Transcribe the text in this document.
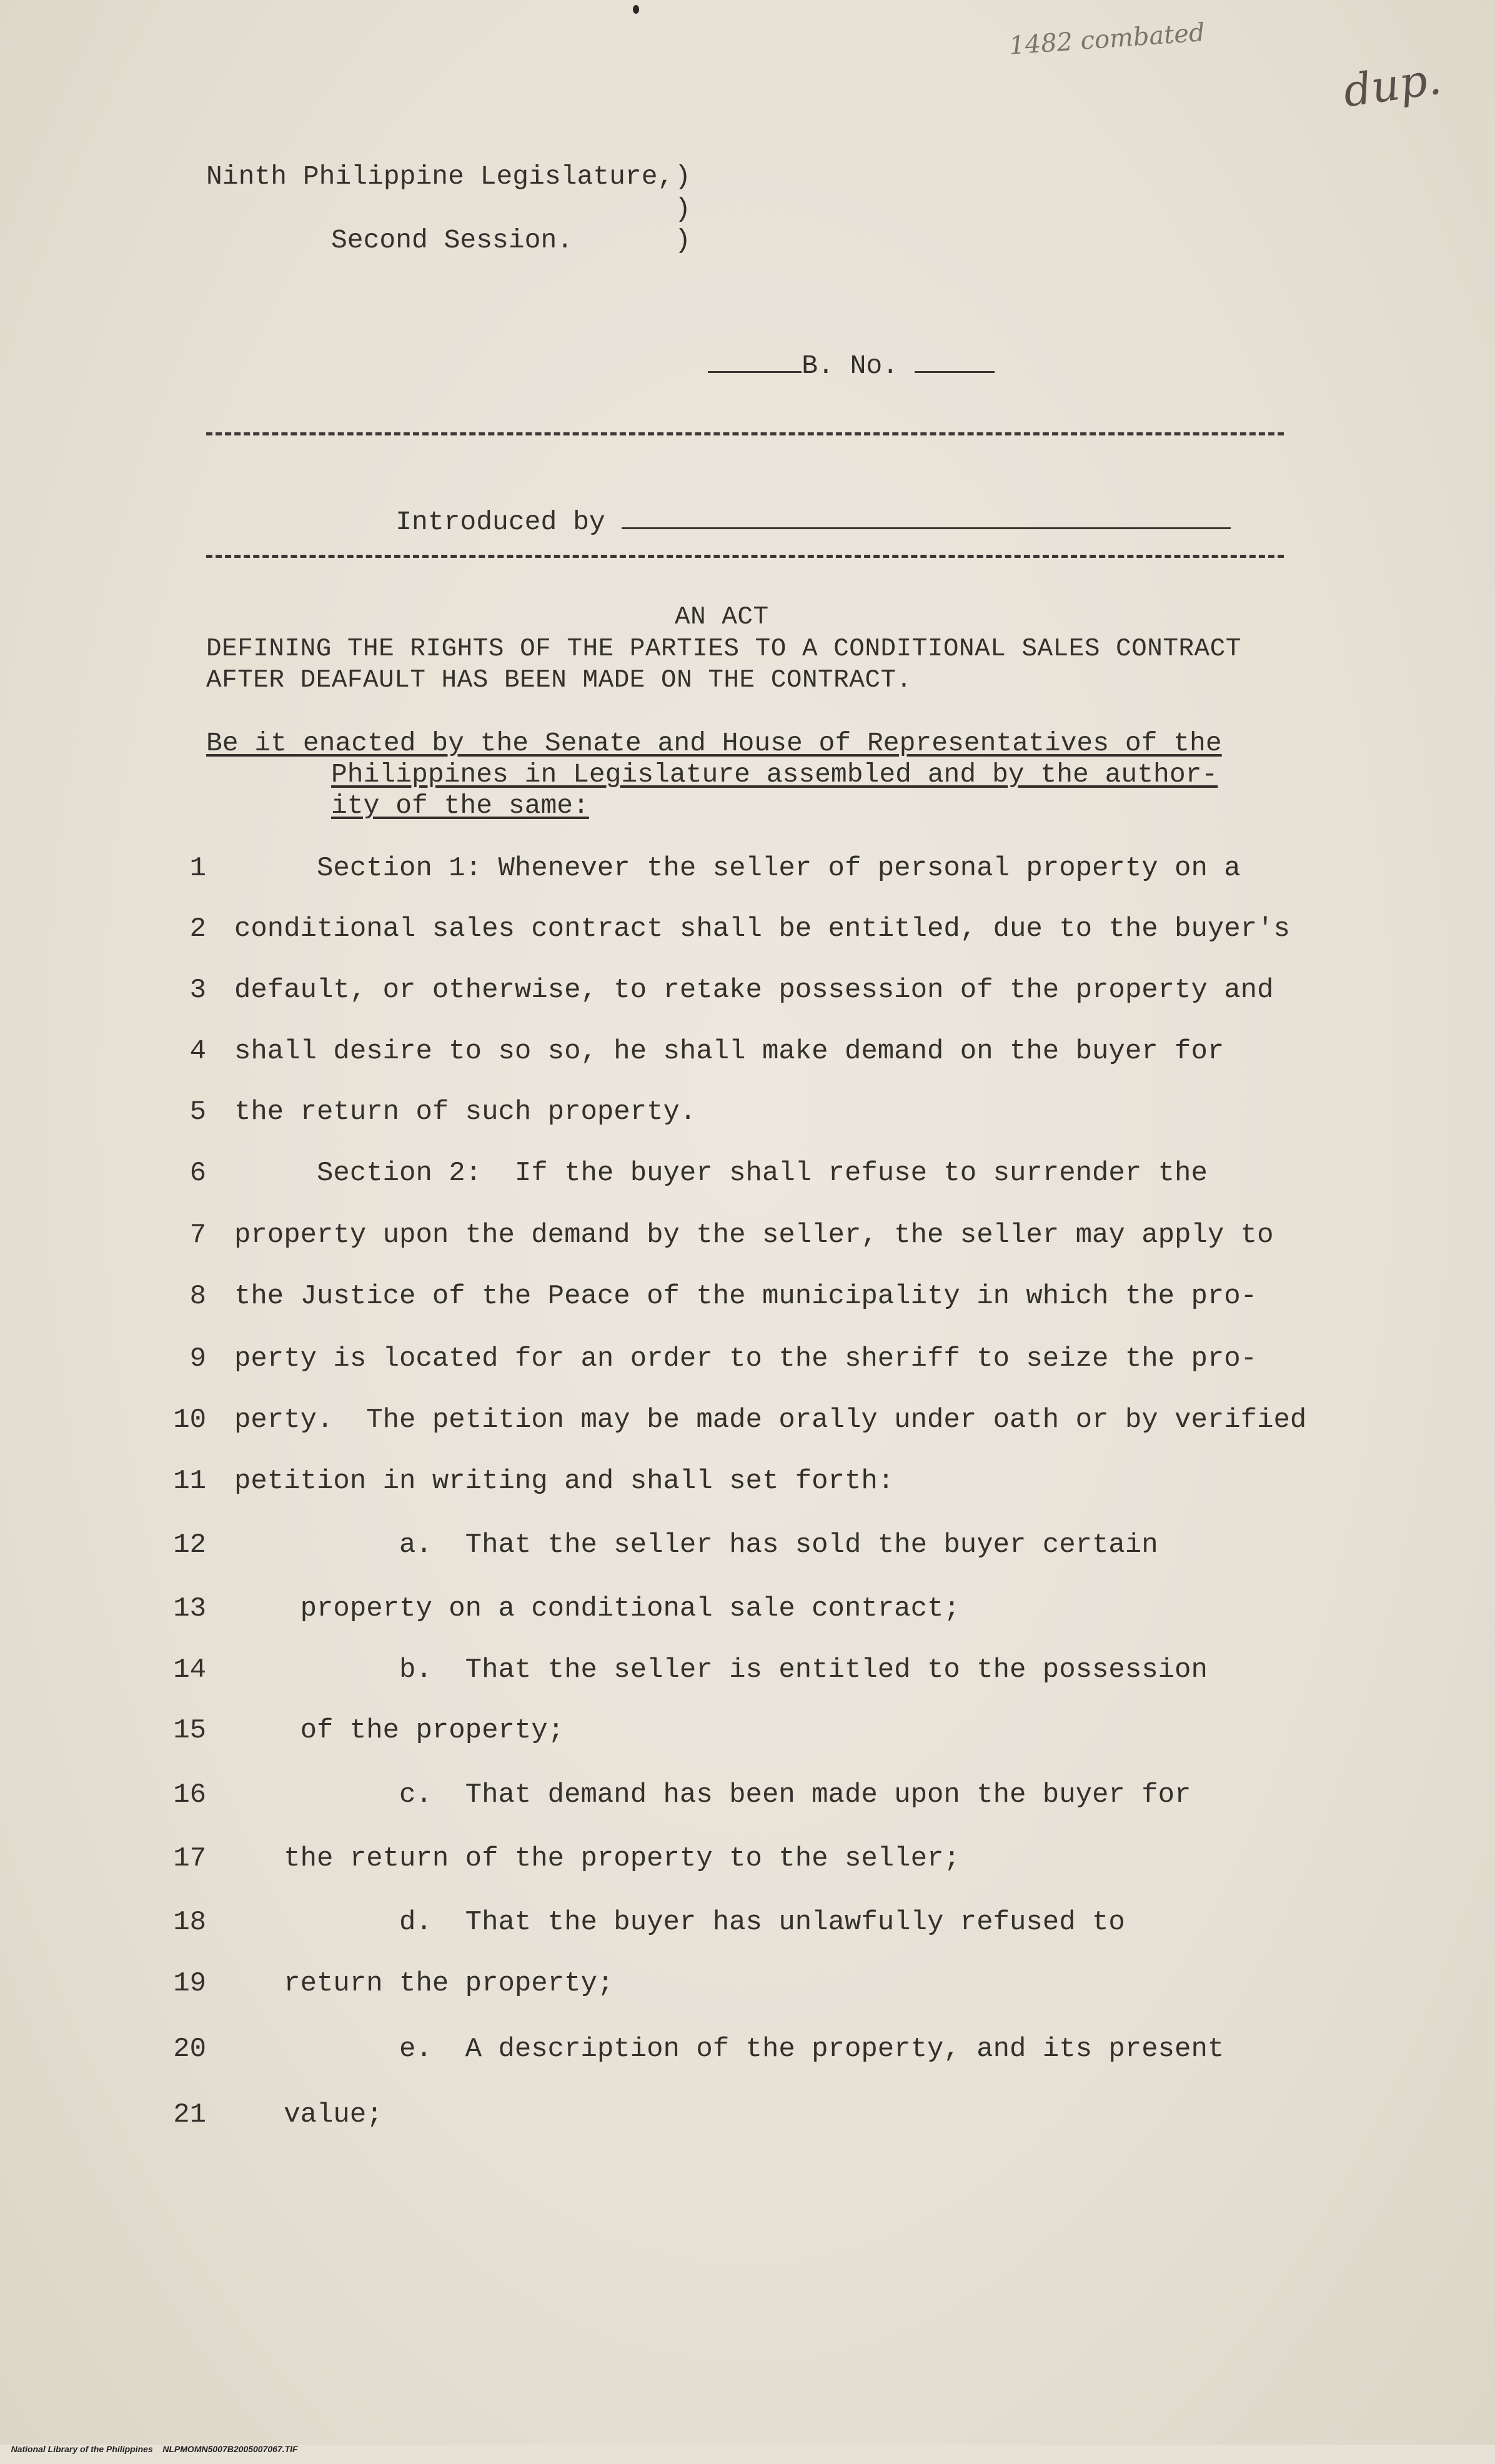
1482 combated
dup.
Ninth Philippine Legislature, )
)
Second Session.	)

B. No.

Introduced by

AN ACT
DEFINING THE RIGHTS OF THE PARTIES TO A CONDITIONAL SALES CONTRACT
AFTER DEAFAULT HAS BEEN MADE ON THE CONTRACT.
Be it enacted by the Senate and House of Representatives of the
Philippines in Legislature assembled and by the author-
ity of the same:
1 Section 1: Whenever the seller of personal property on a
2 conditional sales contract shall be entitled, due to the buyer's
3 default, or otherwise, to retake possession of the property and
4 shall desire to so so, he shall make demand on the buyer for
5 the return of such property.
6 Section 2:  If the buyer shall refuse to surrender the
7 property upon the demand by the seller, the seller may apply to
8 the Justice of the Peace of the municipality in which the pro-
9 perty is located for an order to the sheriff to seize the pro-
10 perty.  The petition may be made orally under oath or by verified
11 petition in writing and shall set forth:
12 a.  That the seller has sold the buyer certain
13 property on a conditional sale contract;
14 b.  That the seller is entitled to the possession
15 of the property;
16 c.  That demand has been made upon the buyer for
17 the return of the property to the seller;
18 d.  That the buyer has unlawfully refused to
19 return the property;
20 e.  A description of the property, and its present
21 value;

National Library of the Philippines NLPMOMN5007B2005007067.TIF
